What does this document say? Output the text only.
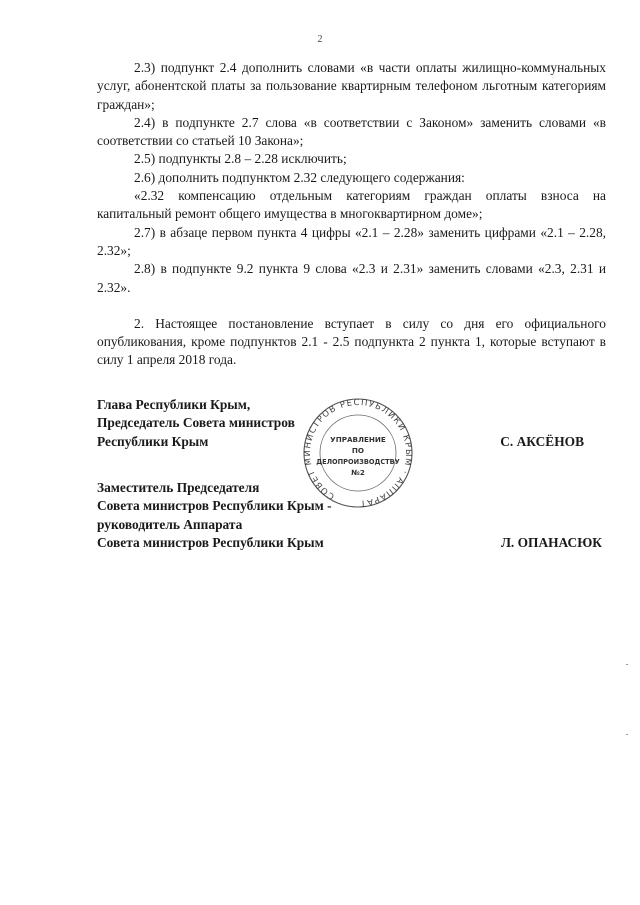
2

2.3) подпункт 2.4 дополнить словами «в части оплаты жилищно-коммунальных услуг, абонентской платы за пользование квартирным телефоном льготным категориям граждан»;

2.4) в подпункте 2.7 слова «в соответствии с Законом» заменить словами «в соответствии со статьей 10 Закона»;

2.5) подпункты 2.8 – 2.28 исключить;

2.6) дополнить подпунктом 2.32 следующего содержания:

«2.32 компенсацию отдельным категориям граждан оплаты взноса на капитальный ремонт общего имущества в многоквартирном доме»;

2.7) в абзаце первом пункта 4 цифры «2.1 – 2.28» заменить цифрами «2.1 – 2.28, 2.32»;

2.8) в подпункте 9.2 пункта 9 слова «2.3 и 2.31» заменить словами «2.3, 2.31 и 2.32».

2. Настоящее постановление вступает в силу со дня его официального опубликования, кроме подпунктов 2.1 - 2.5 подпункта 2 пункта 1, которые вступают в силу 1 апреля 2018 года.

Глава Республики Крым,
Председатель Совета министров
Республики Крым	С. АКСЁНОВ
Заместитель Председателя
Совета министров Республики Крым -
руководитель Аппарата
Совета министров Республики Крым	Л. ОПАНАСЮК
СОВЕТ МИНИСТРОВ РЕСПУБЛИКИ КРЫМ · АППАРАТ
УПРАВЛЕНИЕ
ПО
ДЕЛОПРОИЗВОДСТВУ
№2
